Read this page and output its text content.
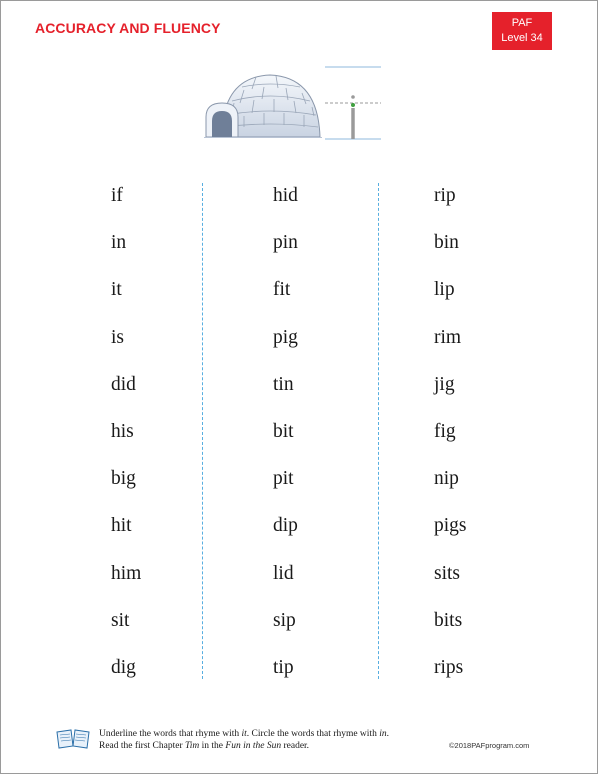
ACCURACY AND FLUENCY	PAF
Level 34
if
in
it
is
did
his
big
hit
him
sit
dig
hid
pin
fit
pig
tin
bit
pit
dip
lid
sip
tip
rip
bin
lip
rim
jig
fig
nip
pigs
sits
bits
rips
Underline the words that rhyme with it. Circle the words that rhyme with in.
Read the first Chapter Tim in the Fun in the Sun reader.	©2018PAFprogram.com
